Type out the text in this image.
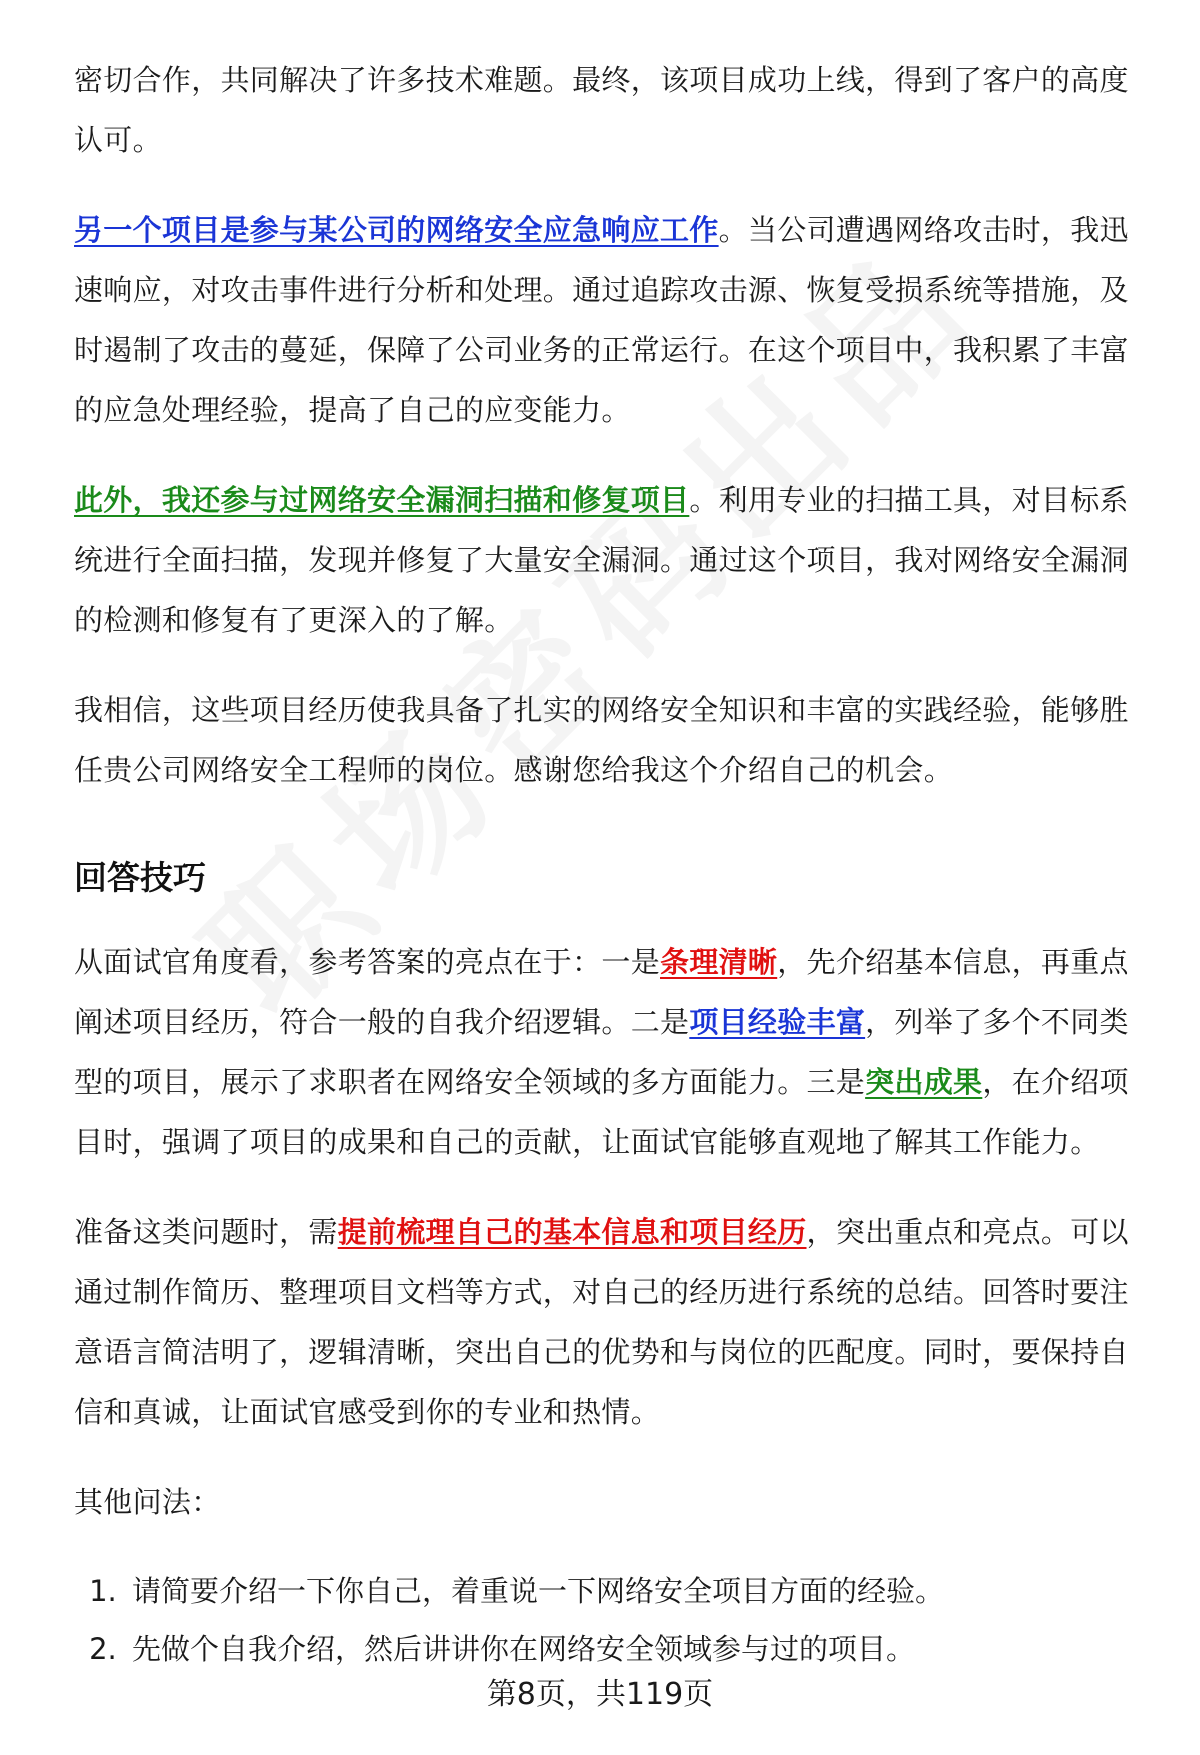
密切合作，共同解决了许多技术难题。最终，该项目成功上线，得到了客户的高度认可。

另一个项目是参与某公司的网络安全应急响应工作。当公司遭遇网络攻击时，我迅速响应，对攻击事件进行分析和处理。通过追踪攻击源、恢复受损系统等措施，及时遏制了攻击的蔓延，保障了公司业务的正常运行。在这个项目中，我积累了丰富的应急处理经验，提高了自己的应变能力。

此外，我还参与过网络安全漏洞扫描和修复项目。利用专业的扫描工具，对目标系统进行全面扫描，发现并修复了大量安全漏洞。通过这个项目，我对网络安全漏洞的检测和修复有了更深入的了解。

我相信，这些项目经历使我具备了扎实的网络安全知识和丰富的实践经验，能够胜任贵公司网络安全工程师的岗位。感谢您给我这个介绍自己的机会。

回答技巧

从面试官角度看，参考答案的亮点在于：一是条理清晰，先介绍基本信息，再重点阐述项目经历，符合一般的自我介绍逻辑。二是项目经验丰富，列举了多个不同类型的项目，展示了求职者在网络安全领域的多方面能力。三是突出成果，在介绍项目时，强调了项目的成果和自己的贡献，让面试官能够直观地了解其工作能力。

准备这类问题时，需提前梳理自己的基本信息和项目经历，突出重点和亮点。可以通过制作简历、整理项目文档等方式，对自己的经历进行系统的总结。回答时要注意语言简洁明了，逻辑清晰，突出自己的优势和与岗位的匹配度。同时，要保持自信和真诚，让面试官感受到你的专业和热情。

其他问法：

1. 请简要介绍一下你自己，着重说一下网络安全项目方面的经验。
2. 先做个自我介绍，然后讲讲你在网络安全领域参与过的项目。
第8页，共119页
